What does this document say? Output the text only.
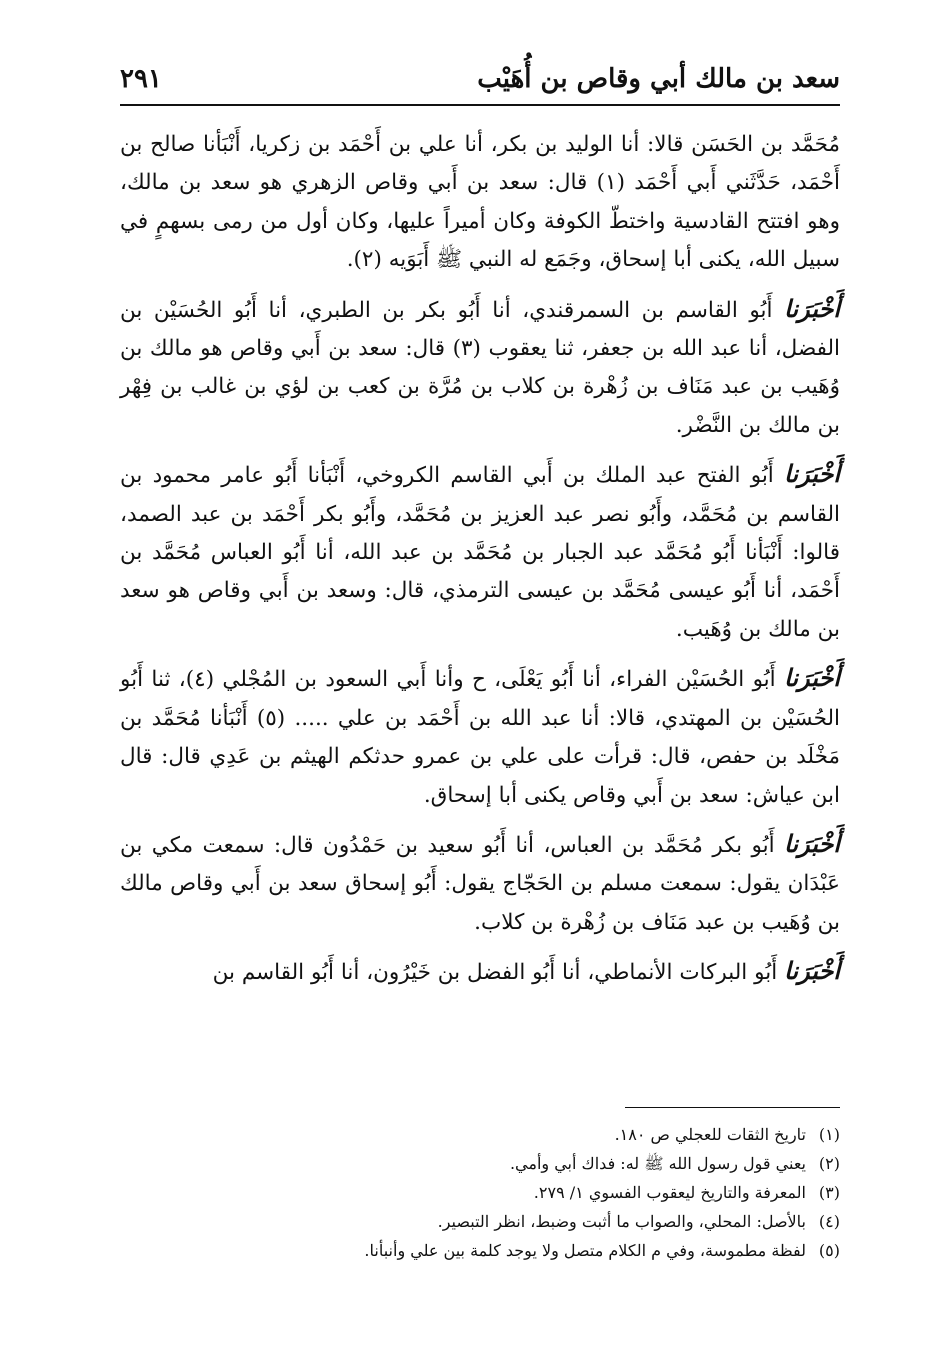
سعد بن مالك أبي وقاص بن أُهَيْب
٢٩١

مُحَمَّد بن الحَسَن قالا: أنا الوليد بن بكر، أنا علي بن أَحْمَد بن زكريا، أَنْبَأنا صالح بن أَحْمَد، حَدَّثَني أَبي أَحْمَد (١) قال: سعد بن أَبي وقاص الزهري هو سعد بن مالك، وهو افتتح القادسية واختطّ الكوفة وكان أميراً عليها، وكان أول من رمى بسهمٍ في سبيل الله، يكنى أبا إسحاق، وجَمَع له النبي ﷺ أَبَوَيه (٢).

أَخْبَرَنا أَبُو القاسم بن السمرقندي، أنا أَبُو بكر بن الطبري، أنا أَبُو الحُسَيْن بن الفضل، أنا عبد الله بن جعفر، ثنا يعقوب (٣) قال: سعد بن أَبي وقاص هو مالك بن وُهَيب بن عبد مَنَاف بن زُهْرة بن كلاب بن مُرَّة بن كعب بن لؤي بن غالب بن فِهْر بن مالك بن النَّضْر.

أَخْبَرَنا أَبُو الفتح عبد الملك بن أَبي القاسم الكروخي، أَنْبَأنا أَبُو عامر محمود بن القاسم بن مُحَمَّد، وأَبُو نصر عبد العزيز بن مُحَمَّد، وأَبُو بكر أَحْمَد بن عبد الصمد، قالوا: أَنْبَأنا أَبُو مُحَمَّد عبد الجبار بن مُحَمَّد بن عبد الله، أنا أَبُو العباس مُحَمَّد بن أَحْمَد، أنا أَبُو عيسى مُحَمَّد بن عيسى الترمذي، قال: وسعد بن أَبي وقاص هو سعد بن مالك بن وُهَيب.

أَخْبَرَنا أَبُو الحُسَيْن الفراء، أنا أَبُو يَعْلَى، ح وأنا أَبي السعود بن المُجْلي (٤)، ثنا أَبُو الحُسَيْن بن المهتدي، قالا: أنا عبد الله بن أَحْمَد بن علي ..... (٥) أَنْبَأنا مُحَمَّد بن مَخْلَد بن حفص، قال: قرأت على علي بن عمرو حدثكم الهيثم بن عَدِي قال: قال ابن عياش: سعد بن أَبي وقاص يكنى أبا إسحاق.

أَخْبَرَنا أَبُو بكر مُحَمَّد بن العباس، أنا أَبُو سعيد بن حَمْدُون قال: سمعت مكي بن عَبْدَان يقول: سمعت مسلم بن الحَجّاج يقول: أَبُو إسحاق سعد بن أَبي وقاص مالك بن وُهَيب بن عبد مَنَاف بن زُهْرة بن كلاب.

أَخْبَرَنا أَبُو البركات الأنماطي، أنا أَبُو الفضل بن خَيْرُون، أنا أَبُو القاسم بن

(١)تاريخ الثقات للعجلي ص ١٨٠.

(٢)يعني قول رسول الله ﷺ له: فداك أبي وأمي.

(٣)المعرفة والتاريخ ليعقوب الفسوي ١/ ٢٧٩.

(٤)بالأصل: المحلي، والصواب ما أثبت وضبط، انظر التبصير.

(٥)لفظة مطموسة، وفي م الكلام متصل ولا يوجد كلمة بين علي وأنبأنا.
